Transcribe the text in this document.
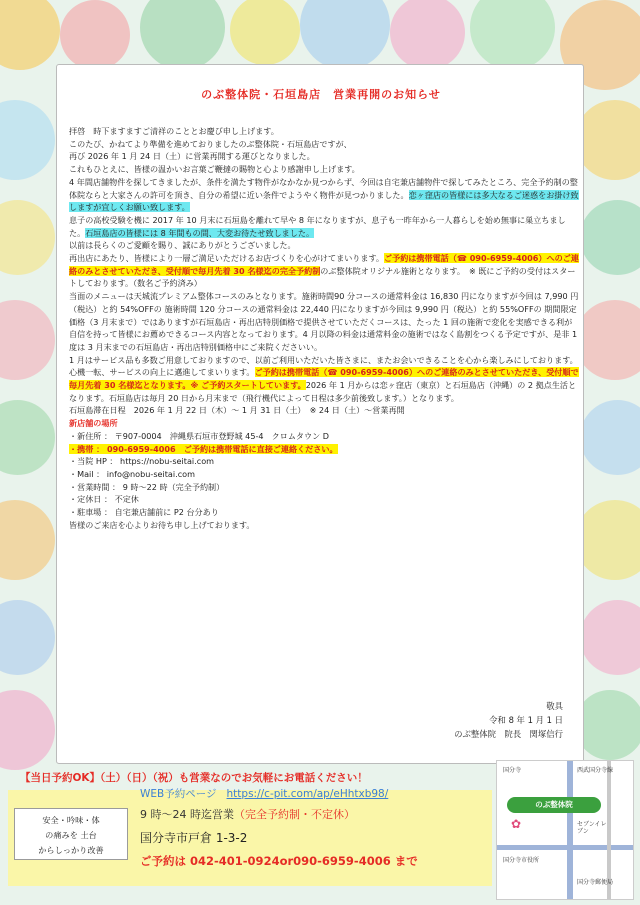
のぶ整体院・石垣島店　営業再開のお知らせ

拝啓　時下ますますご清祥のこととお慶び申し上げます。

このたび、かねてより準備を進めておりましたのぶ整体院・石垣島店ですが、

再び 2026 年 1 月 24 日（土）に営業再開する運びとなりました。

これもひとえに、皆様の温かいお言葉ご鞭撻の賜物と心より感謝申し上げます。

4 年間店舗物件を探してきましたが、条件を満たす物件がなかなか見つからず、今回は自宅兼店舗物件で探してみたところ、完全予約制の整体院ならと大家さんの許可を頂き、自分の希望に近い条件でようやく物件が見つかりました。恋ヶ窪店の皆様には多大なるご迷惑をお掛け致しますが宜しくお願い致します。

息子の高校受験を機に 2017 年 10 月末に石垣島を離れて早や 8 年になりますが、息子も一昨年から一人暮らしを始め無事に巣立ちました。石垣島店の皆様には 8 年間もの間、大変お待たせ致しました。

以前は長らくのご愛顧を賜り、誠にありがとうございました。

再出店にあたり、皆様により一層ご満足いただけるお店づくりを心がけてまいります。ご予約は携帯電話（☎ 090-6959-4006）へのご連絡のみとさせていただき、受付順で毎月先着 30 名様迄の完全予約制のぶ整体院オリジナル施術となります。　※ 既にご予約の受付はスタートしております。（数名ご予約済み）

当面のメニューは天城流プレミアム整体コースのみとなります。施術時間90 分コースの通常料金は 16,830 円になりますが今回は 7,990 円（税込）と約 54%OFFの 施術時間 120 分コースの通常料金は 22,440 円になりますが今回は 9,990 円（税込）と約 55%OFFの 期間限定価格（3 月末まで）ではありますが石垣島店・再出店特別価格で提供させていただくコースは、たった 1 回の施術で変化を実感できる利が自信を持って皆様にお薦めできるコース内容となっております。4 月以降の料金は通常料金の施術ではなく島割をつくる予定ですが、是非 1 度は 3 月末までの石垣島店・再出店特別価格中にご来院くださいい。

1 月はサービス品も多数ご用意しておりますので、以前ご利用いただいた皆さまに、またお会いできることを心から楽しみにしております。心機一転、サービスの向上に邁進してまいります。ご予約は携帯電話（☎ 090-6959-4006）へのご連絡のみとさせていただき、受付順で毎月先着 30 名様迄となります。※ ご予約スタートしています。2026 年 1 月からは恋ヶ窪店（東京）と石垣島店（沖縄）の 2 拠点生活となります。石垣島店は毎月 20 日から月末まで（飛行機代によって日程は多少前後致します。）となります。

石垣島滞在日程　2026 年 1 月 22 日（木）～ 1 月 31 日（土）　※ 24 日（土）～営業再開

新店舗の場所

・新住所 ： 〒907-0004　沖縄県石垣市登野城 45-4　クロムタウン D

・携帯 ： 090-6959-4006　ご予約は携帯電話に直接ご連絡ください。

・当院 HP ： https://nobu-seitai.com

・Mail ： info@nobu-seitai.com

・営業時間 ： 9 時～22 時（完全予約制）

・定休日 ： 不定休

・駐車場 ： 自宅兼店舗前に P2 台分あり

皆様のご来店を心よりお待ち申し上げております。

敬具
令和 8 年 1 月 1 日
のぶ整体院　院長　関塚信行
【当日予約OK】（土）（日）（祝）も営業なのでお気軽にお電話ください！
WEB予約ページ https://c-pit.com/ap/eHhtxb98/
安全・吟味・体
の痛みを 土台
からしっかり改善
9 時～24 時迄営業（完全予約制・不定休）
国分寺市戸倉 1-3-2
ご予約は 042-401-0924or090-6959-4006 まで
国分寺	西武国分寺線
のぶ整体院
✿	セブンイレブン
国分寺市役所
国分寺郵便局
